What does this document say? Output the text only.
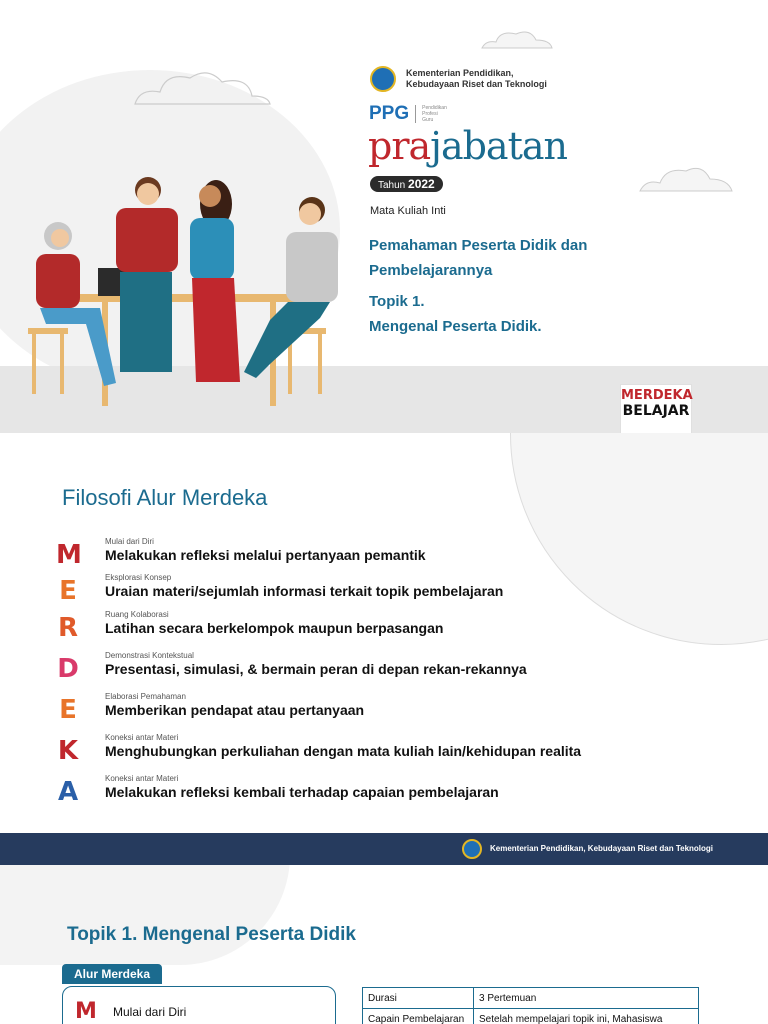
Kementerian Pendidikan,
Kebudayaan Riset dan Teknologi
PPG	Pendidikan
Profesi
Guru
prajabatan
Tahun 2022
Mata Kuliah Inti
Pemahaman Peserta Didik dan Pembelajarannya
Topik 1.
Mengenal Peserta Didik.
MERDEKA
BELAJAR
Filosofi Alur Merdeka
M	Mulai dari Diri
Melakukan refleksi melalui pertanyaan pemantik
E	Eksplorasi Konsep
Uraian materi/sejumlah informasi terkait topik pembelajaran
R	Ruang Kolaborasi
Latihan secara berkelompok maupun berpasangan
D	Demonstrasi Kontekstual
Presentasi, simulasi, & bermain peran di depan rekan-rekannya
E	Elaborasi Pemahaman
Memberikan pendapat atau pertanyaan
K	Koneksi antar Materi
Menghubungkan perkuliahan dengan mata kuliah lain/kehidupan realita
A	Koneksi antar Materi
Melakukan refleksi kembali terhadap capaian pembelajaran
Kementerian Pendidikan, Kebudayaan Riset dan Teknologi
Topik 1. Mengenal Peserta Didik
Alur Merdeka
M Mulai dari Diri
Durasi	3 Pertemuan
Capain Pembelajaran	Setelah mempelajari topik ini, Mahasiswa
